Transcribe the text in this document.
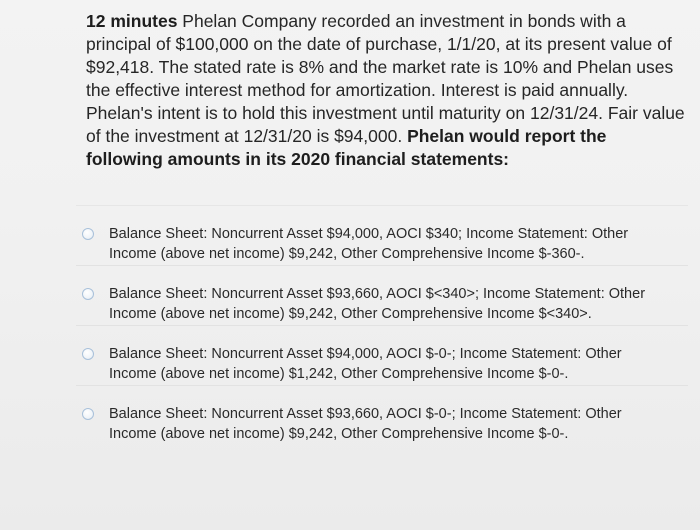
12 minutes Phelan Company recorded an investment in bonds with a principal of $100,000 on the date of purchase, 1/1/20, at its present value of $92,418. The stated rate is 8% and the market rate is 10% and Phelan uses the effective interest method for amortization. Interest is paid annually. Phelan's intent is to hold this investment until maturity on 12/31/24. Fair value of the investment at 12/31/20 is $94,000. Phelan would report the following amounts in its 2020 financial statements:

Balance Sheet: Noncurrent Asset $94,000, AOCI $340; Income Statement: Other
Income (above net income) $9,242, Other Comprehensive Income $-360-.
Balance Sheet: Noncurrent Asset $93,660, AOCI $<340>; Income Statement: Other
Income (above net income) $9,242, Other Comprehensive Income $<340>.
Balance Sheet: Noncurrent Asset $94,000, AOCI $-0-; Income Statement: Other
Income (above net income) $1,242, Other Comprehensive Income $-0-.
Balance Sheet: Noncurrent Asset $93,660, AOCI $-0-; Income Statement: Other
Income (above net income) $9,242, Other Comprehensive Income $-0-.
